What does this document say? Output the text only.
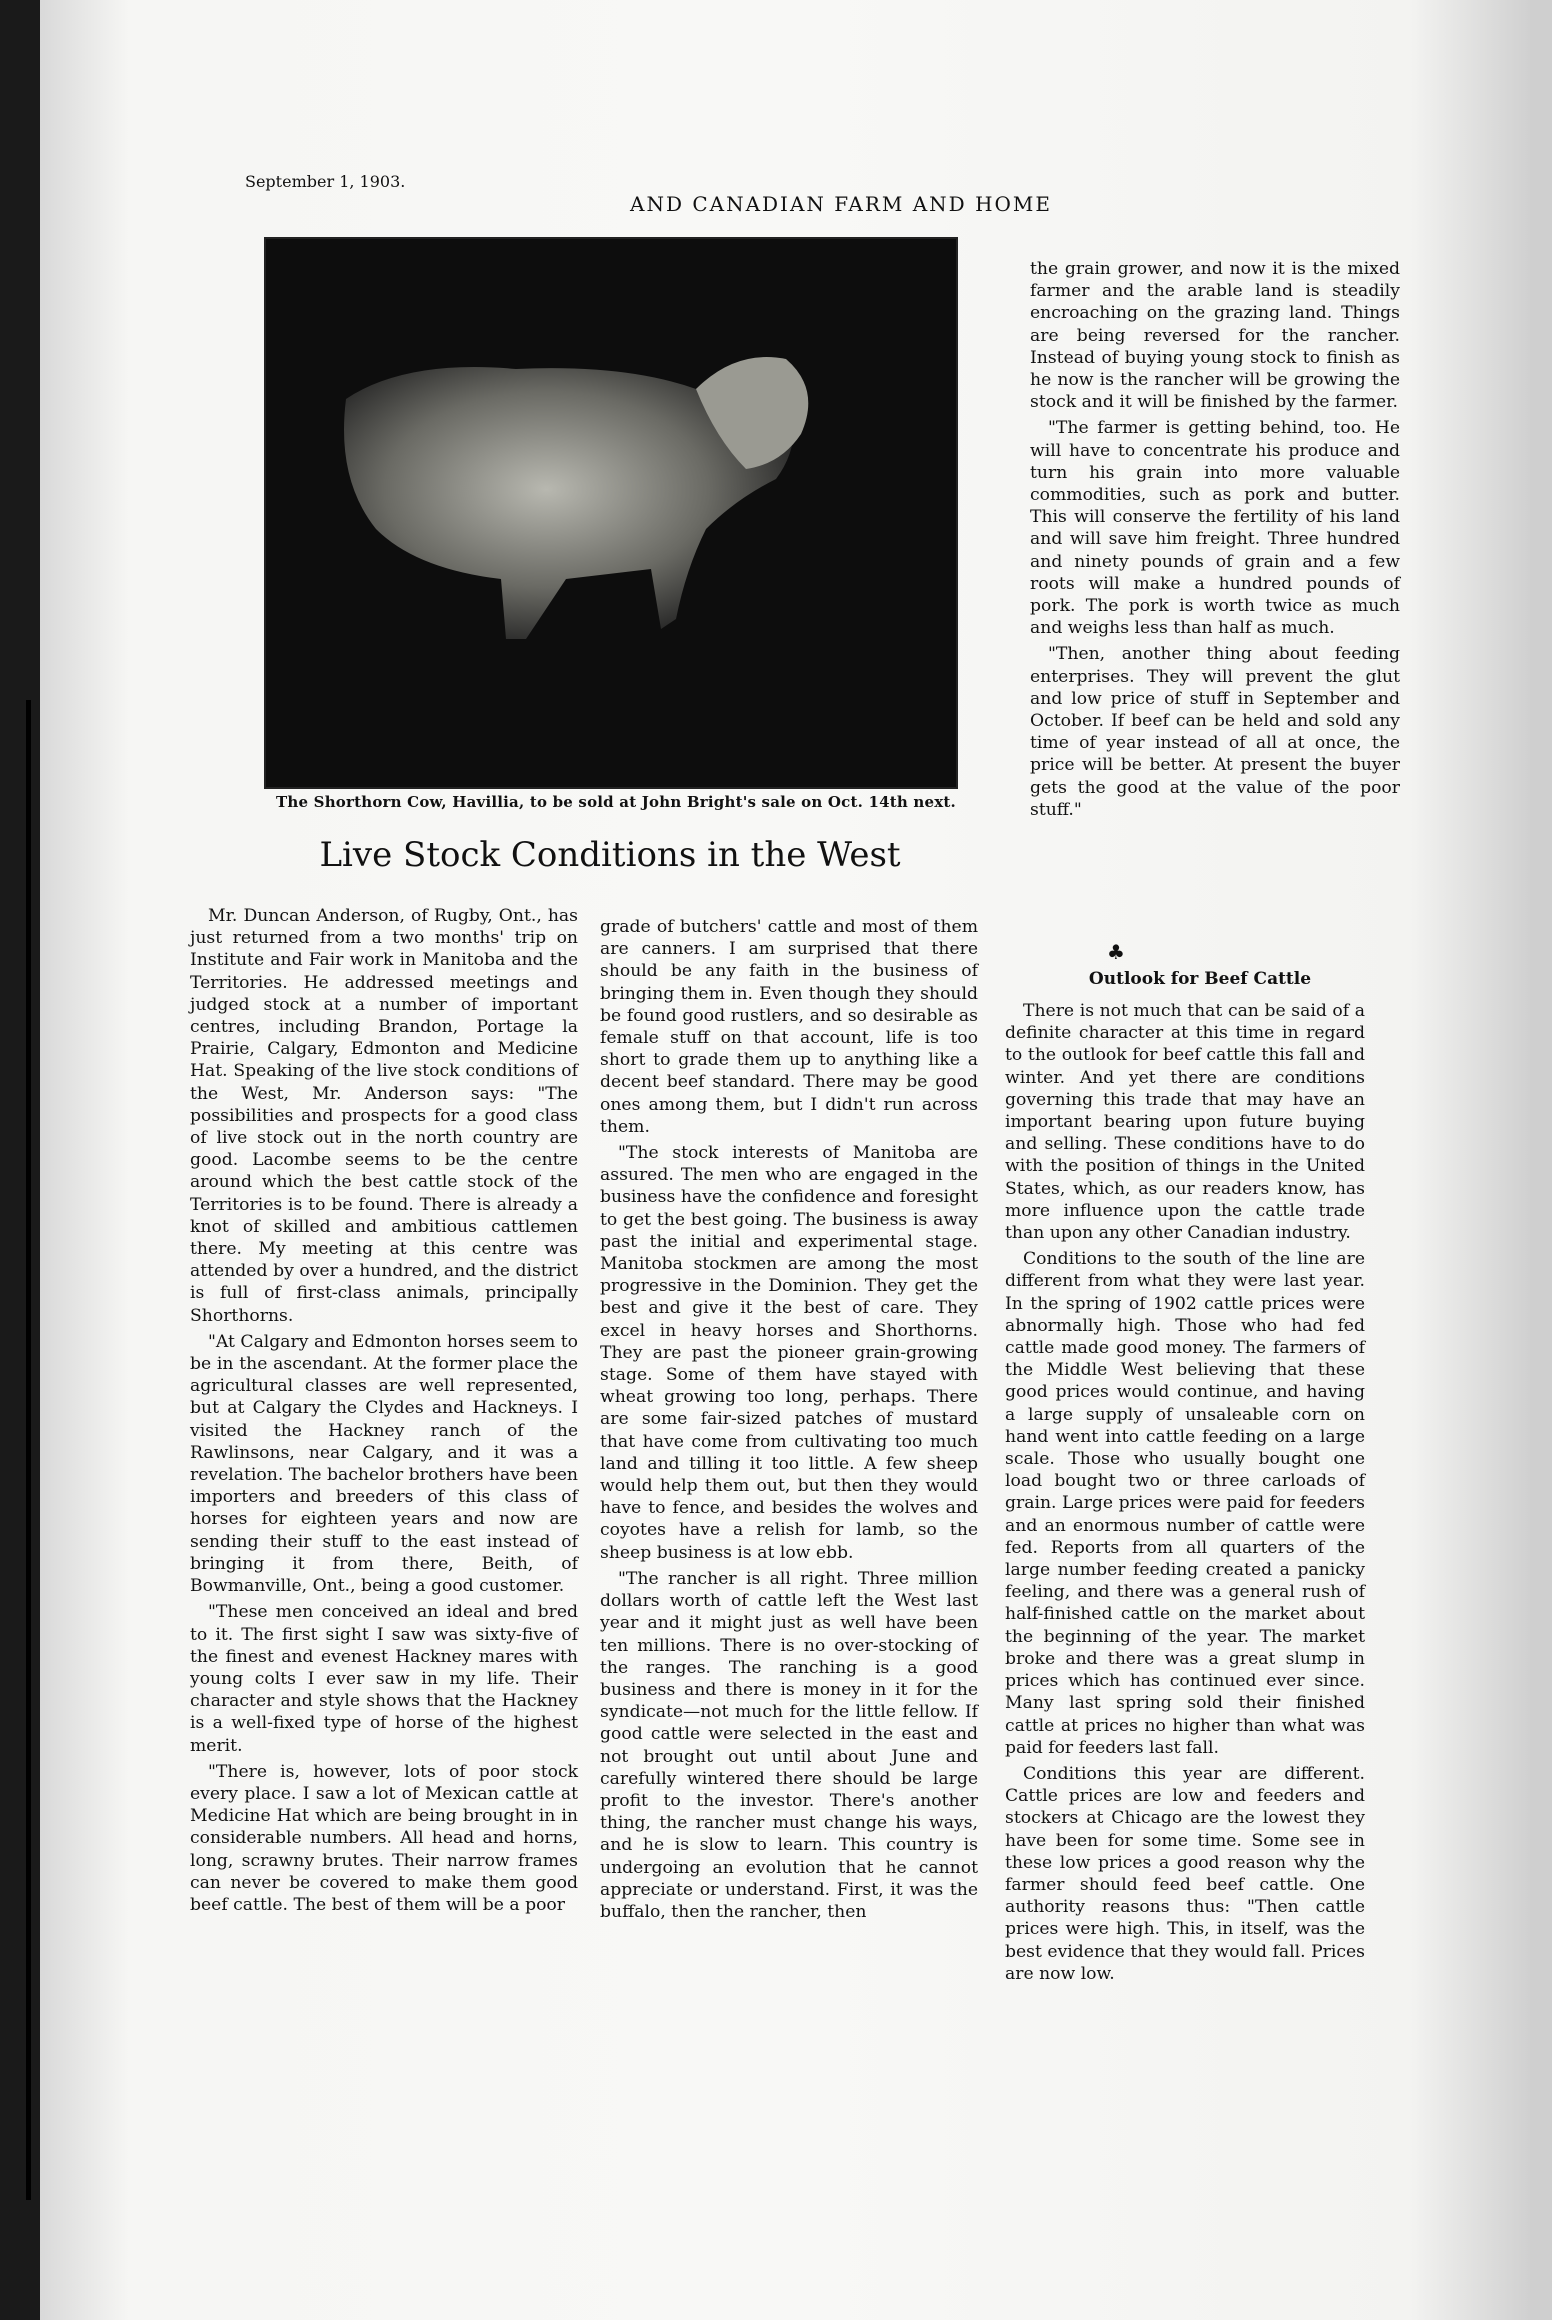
September 1, 1903.
AND CANADIAN FARM AND HOME
The Shorthorn Cow, Havillia, to be sold at John Bright's sale on Oct. 14th next.
Live Stock Conditions in the West

Mr. Duncan Anderson, of Rugby, Ont., has just returned from a two months' trip on Institute and Fair work in Manitoba and the Territories. He addressed meetings and judged stock at a number of important centres, including Brandon, Portage la Prairie, Calgary, Edmonton and Medicine Hat. Speaking of the live stock conditions of the West, Mr. Anderson says: "The possibilities and prospects for a good class of live stock out in the north country are good. Lacombe seems to be the centre around which the best cattle stock of the Territories is to be found. There is already a knot of skilled and ambitious cattlemen there. My meeting at this centre was attended by over a hundred, and the district is full of first-class animals, principally Shorthorns.

"At Calgary and Edmonton horses seem to be in the ascendant. At the former place the agricultural classes are well represented, but at Calgary the Clydes and Hackneys. I visited the Hackney ranch of the Rawlinsons, near Calgary, and it was a revelation. The bachelor brothers have been importers and breeders of this class of horses for eighteen years and now are sending their stuff to the east instead of bringing it from there, Beith, of Bowmanville, Ont., being a good customer.

"These men conceived an ideal and bred to it. The first sight I saw was sixty-five of the finest and evenest Hackney mares with young colts I ever saw in my life. Their character and style shows that the Hackney is a well-fixed type of horse of the highest merit.

"There is, however, lots of poor stock every place. I saw a lot of Mexican cattle at Medicine Hat which are being brought in in considerable numbers. All head and horns, long, scrawny brutes. Their narrow frames can never be covered to make them good beef cattle. The best of them will be a poor

grade of butchers' cattle and most of them are canners. I am surprised that there should be any faith in the business of bringing them in. Even though they should be found good rustlers, and so desirable as female stuff on that account, life is too short to grade them up to anything like a decent beef standard. There may be good ones among them, but I didn't run across them.

"The stock interests of Manitoba are assured. The men who are engaged in the business have the confidence and foresight to get the best going. The business is away past the initial and experimental stage. Manitoba stockmen are among the most progressive in the Dominion. They get the best and give it the best of care. They excel in heavy horses and Shorthorns. They are past the pioneer grain-growing stage. Some of them have stayed with wheat growing too long, perhaps. There are some fair-sized patches of mustard that have come from cultivating too much land and tilling it too little. A few sheep would help them out, but then they would have to fence, and besides the wolves and coyotes have a relish for lamb, so the sheep business is at low ebb.

"The rancher is all right. Three million dollars worth of cattle left the West last year and it might just as well have been ten millions. There is no over-stocking of the ranges. The ranching is a good business and there is money in it for the syndicate—not much for the little fellow. If good cattle were selected in the east and not brought out until about June and carefully wintered there should be large profit to the investor. There's another thing, the rancher must change his ways, and he is slow to learn. This country is undergoing an evolution that he cannot appreciate or understand. First, it was the buffalo, then the rancher, then

the grain grower, and now it is the mixed farmer and the arable land is steadily encroaching on the grazing land. Things are being reversed for the rancher. Instead of buying young stock to finish as he now is the rancher will be growing the stock and it will be finished by the farmer.

"The farmer is getting behind, too. He will have to concentrate his produce and turn his grain into more valuable commodities, such as pork and butter. This will conserve the fertility of his land and will save him freight. Three hundred and ninety pounds of grain and a few roots will make a hundred pounds of pork. The pork is worth twice as much and weighs less than half as much.

"Then, another thing about feeding enterprises. They will prevent the glut and low price of stuff in September and October. If beef can be held and sold any time of year instead of all at once, the price will be better. At present the buyer gets the good at the value of the poor stuff."

♣
Outlook for Beef Cattle

There is not much that can be said of a definite character at this time in regard to the outlook for beef cattle this fall and winter. And yet there are conditions governing this trade that may have an important bearing upon future buying and selling. These conditions have to do with the position of things in the United States, which, as our readers know, has more influence upon the cattle trade than upon any other Canadian industry.

Conditions to the south of the line are different from what they were last year. In the spring of 1902 cattle prices were abnormally high. Those who had fed cattle made good money. The farmers of the Middle West believing that these good prices would continue, and having a large supply of unsaleable corn on hand went into cattle feeding on a large scale. Those who usually bought one load bought two or three carloads of grain. Large prices were paid for feeders and an enormous number of cattle were fed. Reports from all quarters of the large number feeding created a panicky feeling, and there was a general rush of half-finished cattle on the market about the beginning of the year. The market broke and there was a great slump in prices which has continued ever since. Many last spring sold their finished cattle at prices no higher than what was paid for feeders last fall.

Conditions this year are different. Cattle prices are low and feeders and stockers at Chicago are the lowest they have been for some time. Some see in these low prices a good reason why the farmer should feed beef cattle. One authority reasons thus: "Then cattle prices were high. This, in itself, was the best evidence that they would fall. Prices are now low.
